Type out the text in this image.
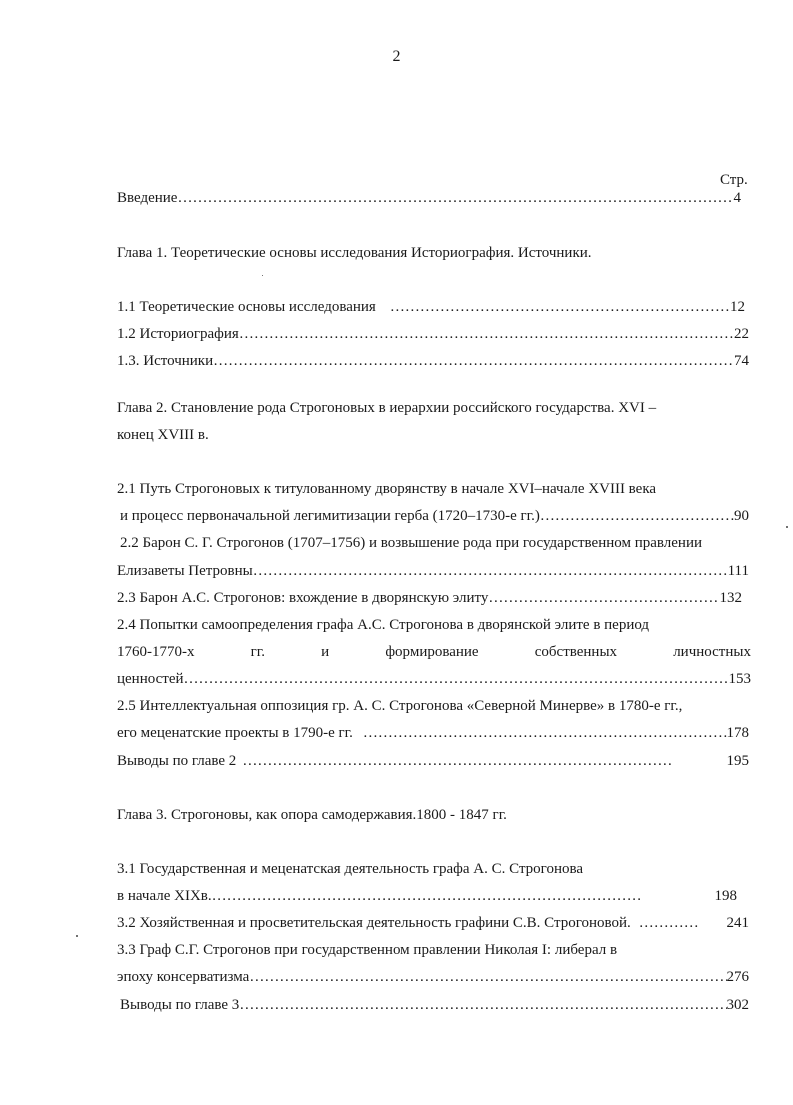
2
Стр.
Введение ……………………………………………………………………………………………………………………………………………………………………………………………………………………………………	4
Глава 1. Теоретические основы исследования Историография. Источники.
1.1 Теоретические основы исследования ……………………………………………………………………………………………………………………………………………………………………………………………………………………………………	12
1.2 Историография ……………………………………………………………………………………………………………………………………………………………………………………………………………………………………	22
1.3. Источники ……………………………………………………………………………………………………………………………………………………………………………………………………………………………………	74
Глава 2. Становление рода Строгоновых в иерархии российского государства. XVI –
конец XVIII в.
2.1 Путь Строгоновых к титулованному дворянству в начале XVI–начале XVIII века
и процесс первоначальной легимитизации герба (1720–1730-е гг.) ……………………………………………………………………………………………………………………………………………………………………………………………………………………………………	90
2.2 Барон С. Г. Строгонов (1707–1756) и возвышение рода при государственном правлении
Елизаветы Петровны ……………………………………………………………………………………………………………………………………………………………………………………………………………………………………	111
2.3 Барон А.С. Строгонов: вхождение в дворянскую элиту ……………………………………………………………………………………………………………………………………………………………………………………………………………………………………	132
2.4 Попытки самоопределения графа А.С. Строгонова в дворянской элите в период
1760-1770-х	гг.	и	формирование	собственных	личностных
ценностей ……………………………………………………………………………………………………………………………………………………………………………………………………………………………………	153
2.5 Интеллектуальная оппозиция гр. А. С. Строгонова «Северной Минерве» в 1780-е гг.,
его меценатские проекты в 1790-е гг. ……………………………………………………………………………………………………………………………………………………………………………………………………………………………………	178
Выводы по главе 2 ……………………………………………………………………………………………………………………………………………………………………………………………………………………………………	195
Глава 3. Строгоновы, как опора самодержавия.1800 - 1847 гг.
3.1 Государственная и меценатская деятельность графа А. С. Строгонова
в начале XIXв. ……………………………………………………………………………………………………………………………………………………………………………………………………………………………………	198
3.2 Хозяйственная и просветительская деятельность графини С.В. Строгоновой. ……………………………………………………………………………………………………………………………………………………………………………………………………………………………………	241
3.3 Граф С.Г. Строгонов при государственном правлении Николая I: либерал в
эпоху консерватизма ……………………………………………………………………………………………………………………………………………………………………………………………………………………………………	276
Выводы по главе 3 ……………………………………………………………………………………………………………………………………………………………………………………………………………………………………	302
